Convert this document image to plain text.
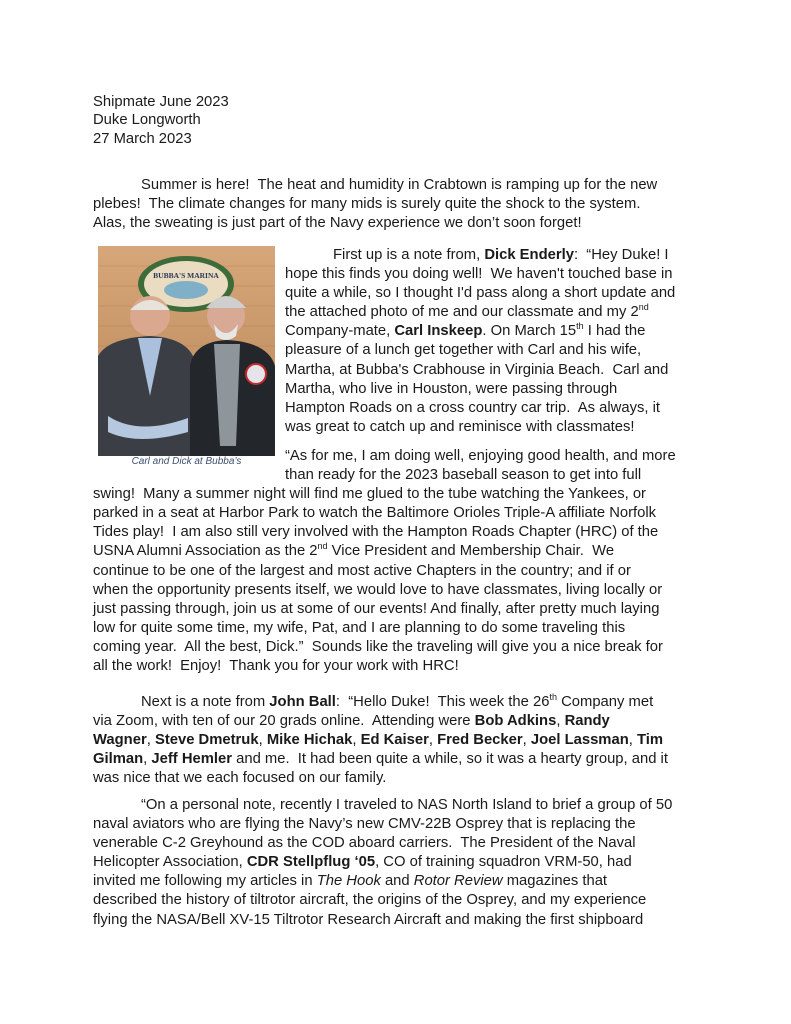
Shipmate June 2023
Duke Longworth
27 March 2023
Summer is here!  The heat and humidity in Crabtown is ramping up for the new
plebes!  The climate changes for many mids is surely quite the shock to the system.
Alas, the sweating is just part of the Navy experience we don’t soon forget!
BUBBA'S MARINA
Carl and Dick at Bubba’s
First up is a note from, Dick Enderly:  “Hey Duke! I
hope this finds you doing well!  We haven't touched base in
quite a while, so I thought I'd pass along a short update and
the attached photo of me and our classmate and my 2nd
Company-mate, Carl Inskeep. On March 15th I had the
pleasure of a lunch get together with Carl and his wife,
Martha, at Bubba's Crabhouse in Virginia Beach.  Carl and
Martha, who live in Houston, were passing through
Hampton Roads on a cross country car trip.  As always, it
was great to catch up and reminisce with classmates!
“As for me, I am doing well, enjoying good health, and more
than ready for the 2023 baseball season to get into full
swing!  Many a summer night will find me glued to the tube watching the Yankees, or
parked in a seat at Harbor Park to watch the Baltimore Orioles Triple-A affiliate Norfolk
Tides play!  I am also still very involved with the Hampton Roads Chapter (HRC) of the
USNA Alumni Association as the 2nd Vice President and Membership Chair.  We
continue to be one of the largest and most active Chapters in the country; and if or
when the opportunity presents itself, we would love to have classmates, living locally or
just passing through, join us at some of our events! And finally, after pretty much laying
low for quite some time, my wife, Pat, and I are planning to do some traveling this
coming year.  All the best, Dick.”  Sounds like the traveling will give you a nice break for
all the work!  Enjoy!  Thank you for your work with HRC!
Next is a note from John Ball:  “Hello Duke!  This week the 26th Company met
via Zoom, with ten of our 20 grads online.  Attending were Bob Adkins, Randy
Wagner, Steve Dmetruk, Mike Hichak, Ed Kaiser, Fred Becker, Joel Lassman, Tim
Gilman, Jeff Hemler and me.  It had been quite a while, so it was a hearty group, and it
was nice that we each focused on our family.
“On a personal note, recently I traveled to NAS North Island to brief a group of 50
naval aviators who are flying the Navy’s new CMV-22B Osprey that is replacing the
venerable C-2 Greyhound as the COD aboard carriers.  The President of the Naval
Helicopter Association, CDR Stellpflug ‘05, CO of training squadron VRM-50, had
invited me following my articles in The Hook and Rotor Review magazines that
described the history of tiltrotor aircraft, the origins of the Osprey, and my experience
flying the NASA/Bell XV-15 Tiltrotor Research Aircraft and making the first shipboard
